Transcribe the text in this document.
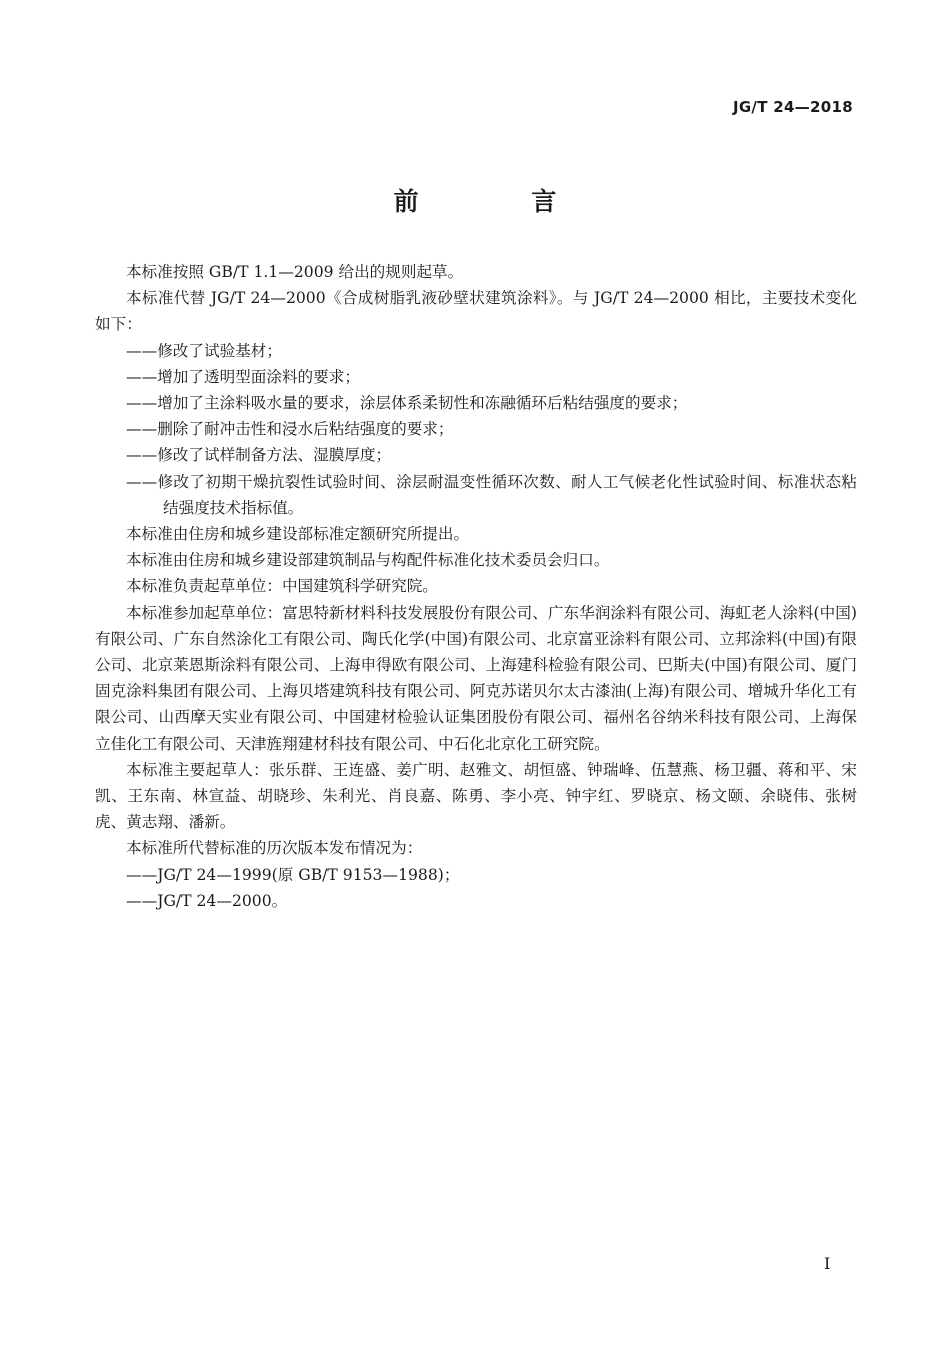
JG/T 24—2018
前 言

本标准按照 GB/T 1.1—2009 给出的规则起草。

本标准代替 JG/T 24—2000《合成树脂乳液砂壁状建筑涂料》。与 JG/T 24—2000 相比，主要技术变化如下：

——修改了试验基材；

——增加了透明型面涂料的要求；

——增加了主涂料吸水量的要求，涂层体系柔韧性和冻融循环后粘结强度的要求；

——删除了耐冲击性和浸水后粘结强度的要求；

——修改了试样制备方法、湿膜厚度；

——修改了初期干燥抗裂性试验时间、涂层耐温变性循环次数、耐人工气候老化性试验时间、标准状态粘结强度技术指标值。

本标准由住房和城乡建设部标准定额研究所提出。

本标准由住房和城乡建设部建筑制品与构配件标准化技术委员会归口。

本标准负责起草单位：中国建筑科学研究院。

本标准参加起草单位：富思特新材料科技发展股份有限公司、广东华润涂料有限公司、海虹老人涂料(中国)有限公司、广东自然涂化工有限公司、陶氏化学(中国)有限公司、北京富亚涂料有限公司、立邦涂料(中国)有限公司、北京莱恩斯涂料有限公司、上海申得欧有限公司、上海建科检验有限公司、巴斯夫(中国)有限公司、厦门固克涂料集团有限公司、上海贝塔建筑科技有限公司、阿克苏诺贝尔太古漆油(上海)有限公司、增城升华化工有限公司、山西摩天实业有限公司、中国建材检验认证集团股份有限公司、福州名谷纳米科技有限公司、上海保立佳化工有限公司、天津旌翔建材科技有限公司、中石化北京化工研究院。

本标准主要起草人：张乐群、王连盛、姜广明、赵雅文、胡恒盛、钟瑞峰、伍慧燕、杨卫疆、蒋和平、宋凯、王东南、林宣益、胡晓珍、朱利光、肖良嘉、陈勇、李小亮、钟宇红、罗晓京、杨文颐、余晓伟、张树虎、黄志翔、潘新。

本标准所代替标准的历次版本发布情况为：

——JG/T 24—1999(原 GB/T 9153—1988)；

——JG/T 24—2000。

I
